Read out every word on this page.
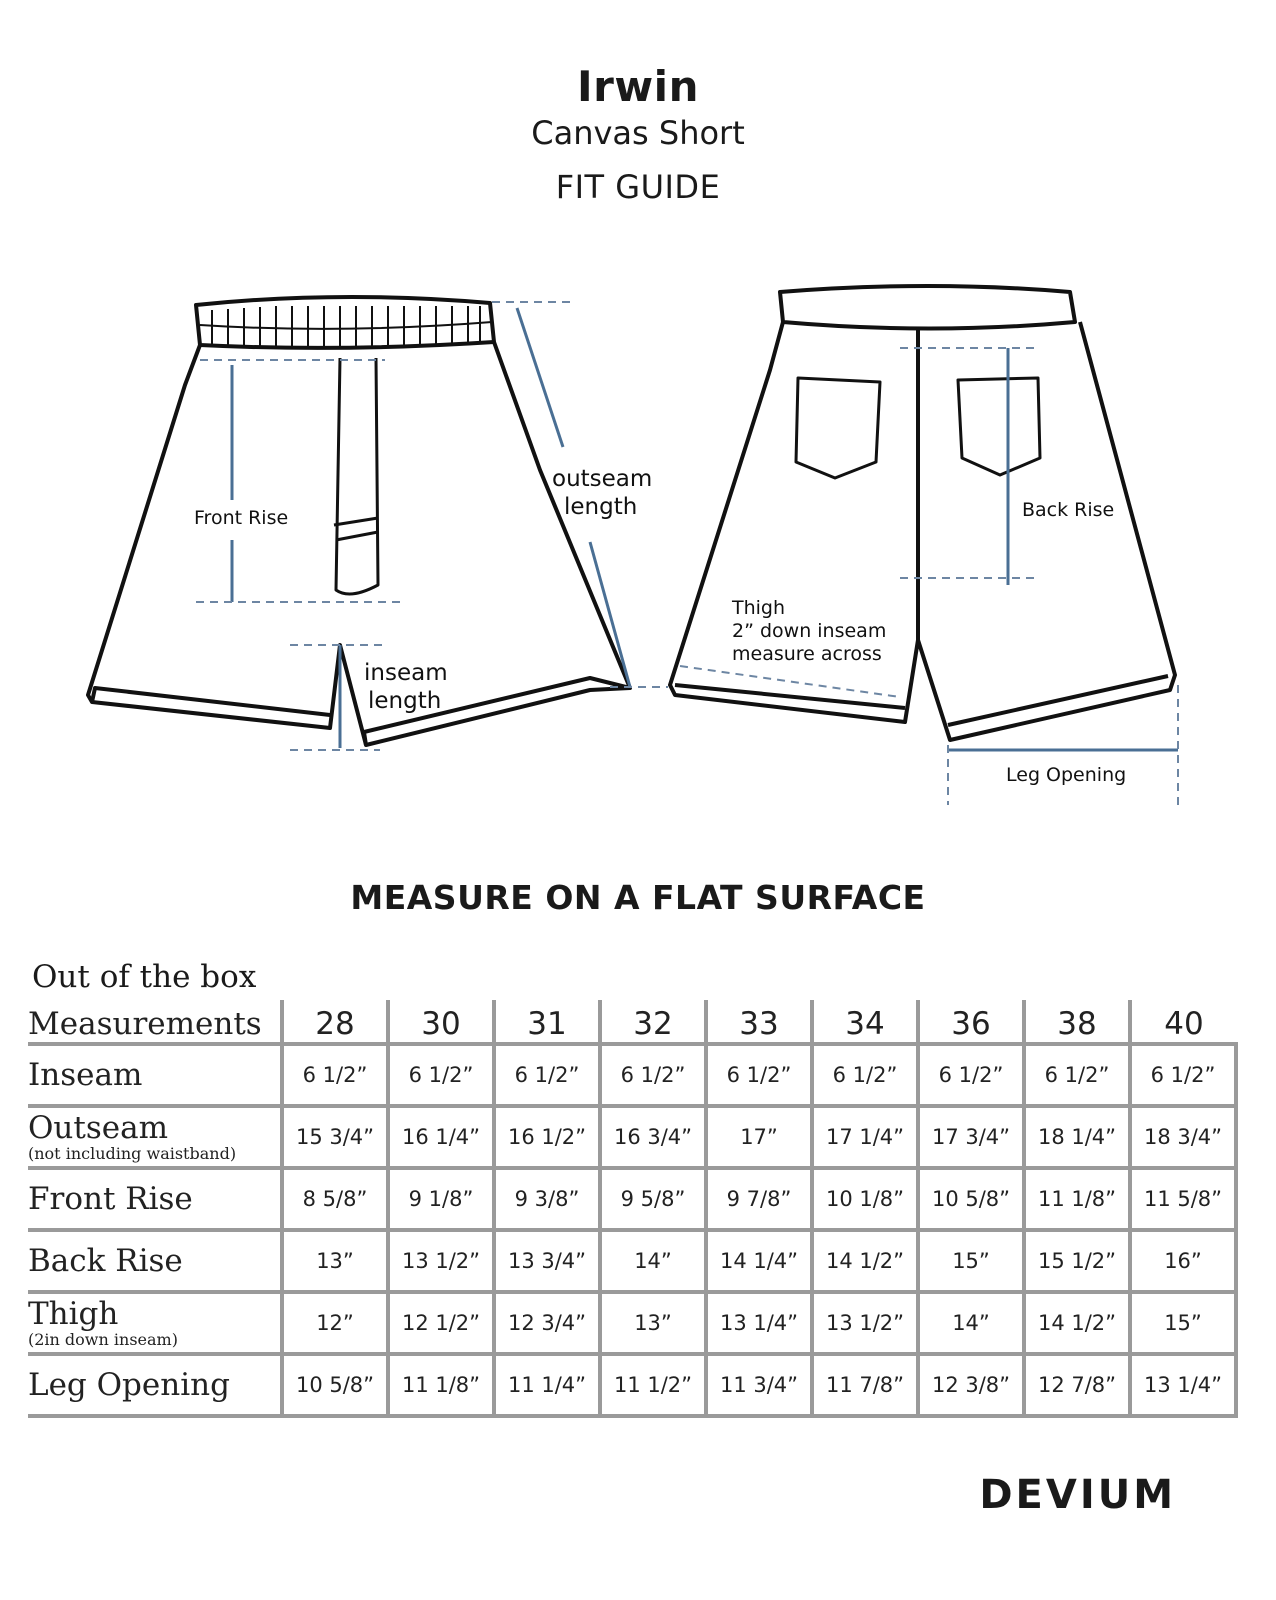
Irwin
Canvas Short
FIT GUIDE
Front Rise
outseam
length
inseam
length
Back Rise
Thigh
2” down inseam
measure across
Leg Opening
MEASURE ON A FLAT SURFACE
Out of the box
Measurements	28	30	31	32	33	34	36	38	40
Inseam	6 1/2”	6 1/2”	6 1/2”	6 1/2”	6 1/2”	6 1/2”	6 1/2”	6 1/2”	6 1/2”
Outseam
(not including waistband)	15 3/4”	16 1/4”	16 1/2”	16 3/4”	17”	17 1/4”	17 3/4”	18 1/4”	18 3/4”
Front Rise	8 5/8”	9 1/8”	9 3/8”	9 5/8”	9 7/8”	10 1/8”	10 5/8”	11 1/8”	11 5/8”
Back Rise	13”	13 1/2”	13 3/4”	14”	14 1/4”	14 1/2”	15”	15 1/2”	16”
Thigh
(2in down inseam)	12”	12 1/2”	12 3/4”	13”	13 1/4”	13 1/2”	14”	14 1/2”	15”
Leg Opening	10 5/8”	11 1/8”	11 1/4”	11 1/2”	11 3/4”	11 7/8”	12 3/8”	12 7/8”	13 1/4”
DEVIUM
